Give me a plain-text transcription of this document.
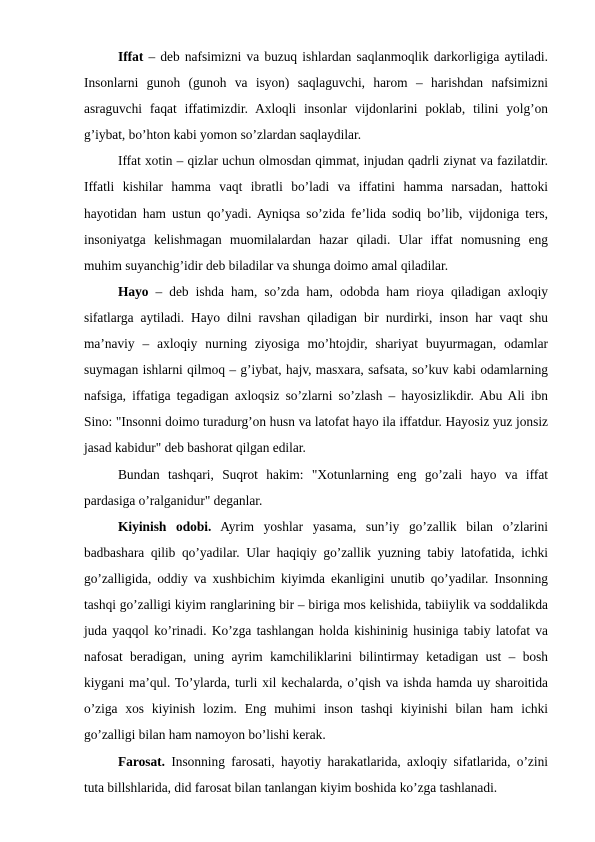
Iffat – deb nafsimizni va buzuq ishlardan saqlanmoqlik darkorligiga aytiladi. Insonlarni gunoh (gunoh va isyon) saqlaguvchi, harom – harishdan nafsimizni asraguvchi faqat iffatimizdir. Axloqli insonlar vijdonlarini poklab, tilini yolg’on g’iybat, bo’hton kabi yomon so’zlardan saqlaydilar.

Iffat xotin – qizlar uchun olmosdan qimmat, injudan qadrli ziynat va fazilatdir. Iffatli kishilar hamma vaqt ibratli bo’ladi va iffatini hamma narsadan, hattoki hayotidan ham ustun qo’yadi. Ayniqsa so’zida fe’lida sodiq bo’lib, vijdoniga ters, insoniyatga kelishmagan muomilalardan hazar qiladi. Ular iffat nomusning eng muhim suyanchig’idir deb biladilar va shunga doimo amal qiladilar.

Hayo – deb ishda ham, so’zda ham, odobda ham rioya qiladigan axloqiy sifatlarga aytiladi. Hayo dilni ravshan qiladigan bir nurdirki, inson har vaqt shu ma’naviy – axloqiy nurning ziyosiga mo’htojdir, shariyat buyurmagan, odamlar suymagan ishlarni qilmoq – g’iybat, hajv, masxara, safsata, so’kuv kabi odamlarning nafsiga, iffatiga tegadigan axloqsiz so’zlarni so’zlash – hayosizlikdir. Abu Ali ibn Sino: "Insonni doimo turadurg’on husn va latofat hayo ila iffatdur. Hayosiz yuz jonsiz jasad kabidur" deb bashorat qilgan edilar.

Bundan tashqari, Suqrot hakim: "Xotunlarning eng go’zali hayo va iffat pardasiga o’ralganidur" deganlar.

Kiyinish odobi. Ayrim yoshlar yasama, sun’iy go’zallik bilan o’zlarini badbashara qilib qo’yadilar. Ular haqiqiy go’zallik yuzning tabiy latofatida, ichki go’zalligida, oddiy va xushbichim kiyimda ekanligini unutib qo’yadilar. Insonning tashqi go’zalligi kiyim ranglarining bir – biriga mos kelishida, tabiiylik va soddalikda juda yaqqol ko’rinadi. Ko’zga tashlangan holda kishininig husiniga tabiy latofat va nafosat beradigan, uning ayrim kamchiliklarini bilintirmay ketadigan ust – bosh kiygani ma’qul. To’ylarda, turli xil kechalarda, o’qish va ishda hamda uy sharoitida o’ziga xos kiyinish lozim. Eng muhimi inson tashqi kiyinishi bilan ham ichki go’zalligi bilan ham namoyon bo’lishi kerak.

Farosat. Insonning farosati, hayotiy harakatlarida, axloqiy sifatlarida, o’zini tuta billshlarida, did farosat bilan tanlangan kiyim boshida ko’zga tashlanadi.
